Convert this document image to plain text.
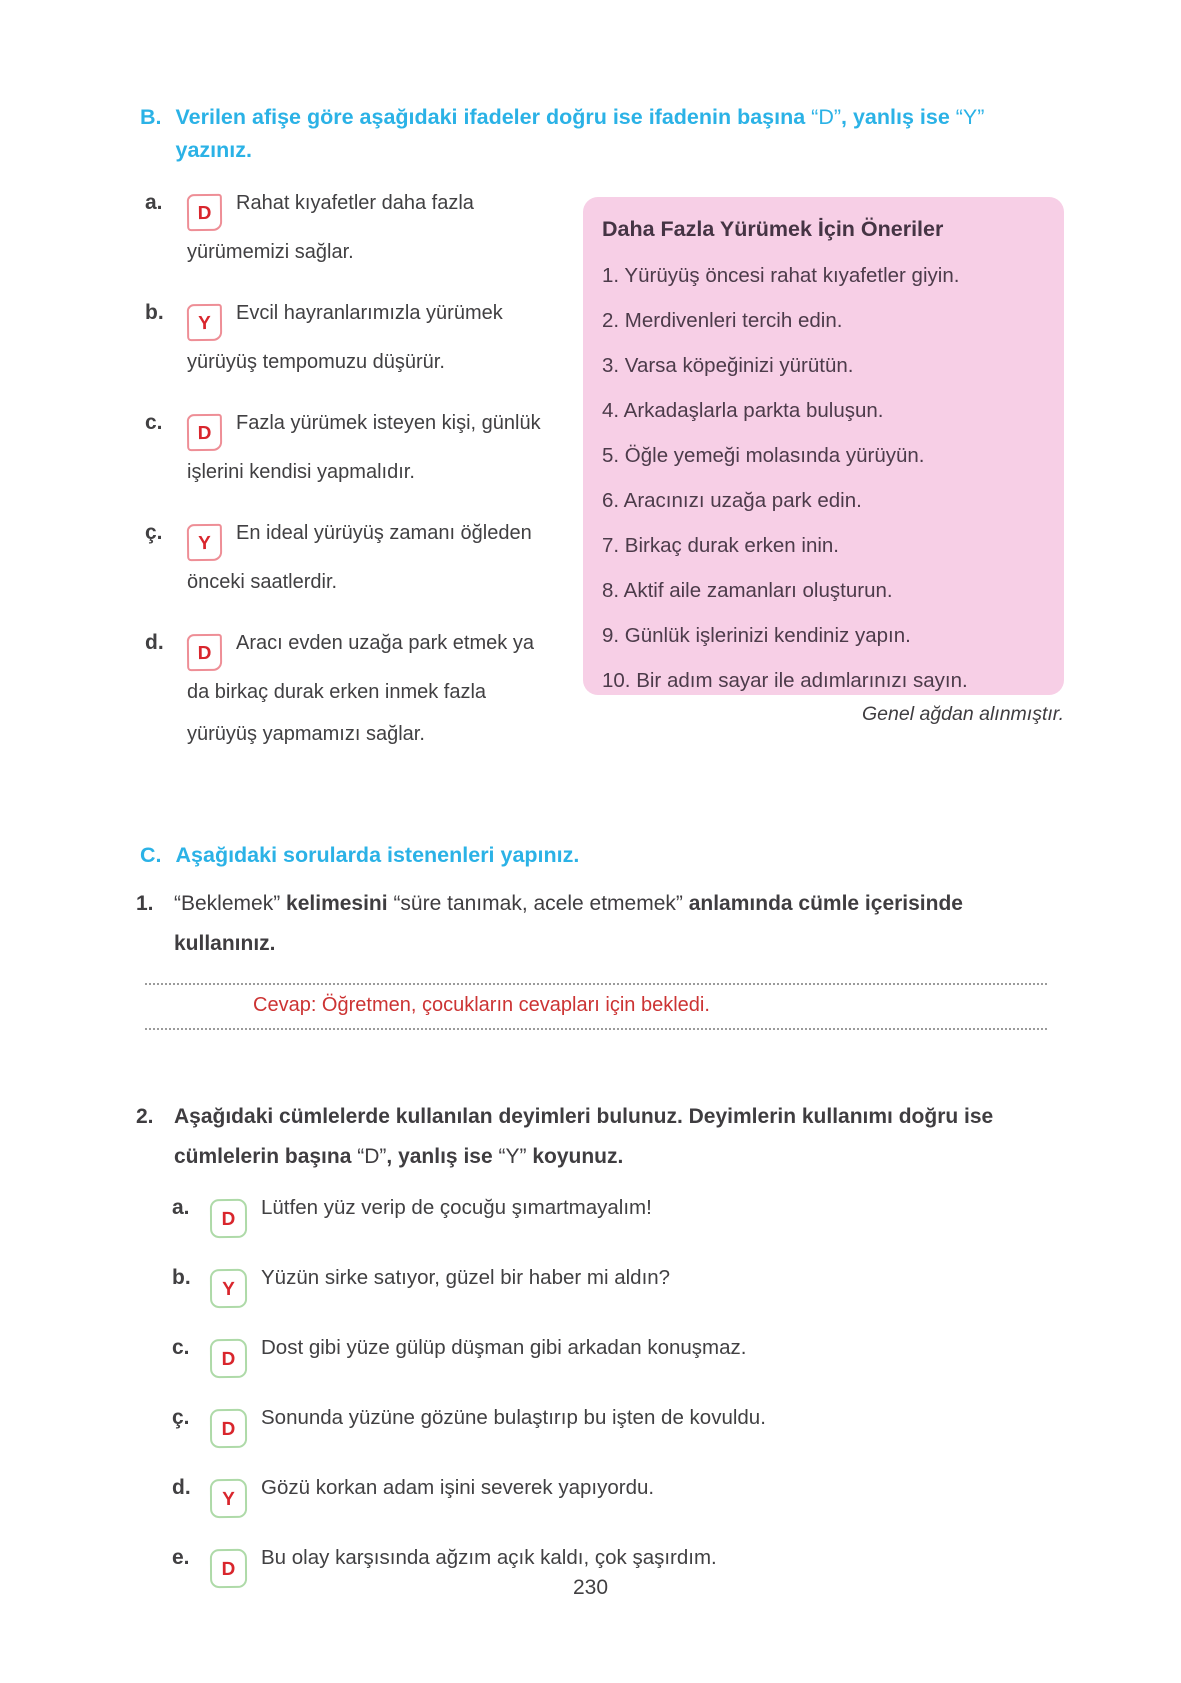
B. Verilen afişe göre aşağıdaki ifadeler doğru ise ifadenin başına “D”, yanlış ise “Y” yazınız.
a.	D Rahat kıyafetler daha fazla yürümemizi sağlar.
b.	Y Evcil hayranlarımızla yürümek yürüyüş tempomuzu düşürür.
c.	D Fazla yürümek isteyen kişi, günlük işlerini kendisi yapmalıdır.
ç.	Y En ideal yürüyüş zamanı öğleden önceki saatlerdir.
d.	D Aracı evden uzağa park etmek ya da birkaç durak erken inmek fazla yürüyüş yapmamızı sağlar.
Daha Fazla Yürümek İçin Öneriler
1. Yürüyüş öncesi rahat kıyafetler giyin.
2. Merdivenleri tercih edin.
3. Varsa köpeğinizi yürütün.
4. Arkadaşlarla parkta buluşun.
5. Öğle yemeği molasında yürüyün.
6. Aracınızı uzağa park edin.
7. Birkaç durak erken inin.
8. Aktif aile zamanları oluşturun.
9. Günlük işlerinizi kendiniz yapın.
10. Bir adım sayar ile adımlarınızı sayın.
Genel ağdan alınmıştır.
C. Aşağıdaki sorularda istenenleri yapınız.
1. “Beklemek” kelimesini “süre tanımak, acele etmemek” anlamında cümle içerisinde kullanınız.
Cevap: Öğretmen, çocukların cevapları için bekledi.
2. Aşağıdaki cümlelerde kullanılan deyimleri bulunuz. Deyimlerin kullanımı doğru ise cümlelerin başına “D”, yanlış ise “Y” koyunuz.
a.
DLütfen yüz verip de çocuğu şımartmayalım!
b.
YYüzün sirke satıyor, güzel bir haber mi aldın?
c.
DDost gibi yüze gülüp düşman gibi arkadan konuşmaz.
ç.
DSonunda yüzüne gözüne bulaştırıp bu işten de kovuldu.
d.
YGözü korkan adam işini severek yapıyordu.
e.
DBu olay karşısında ağzım açık kaldı, çok şaşırdım.
230
